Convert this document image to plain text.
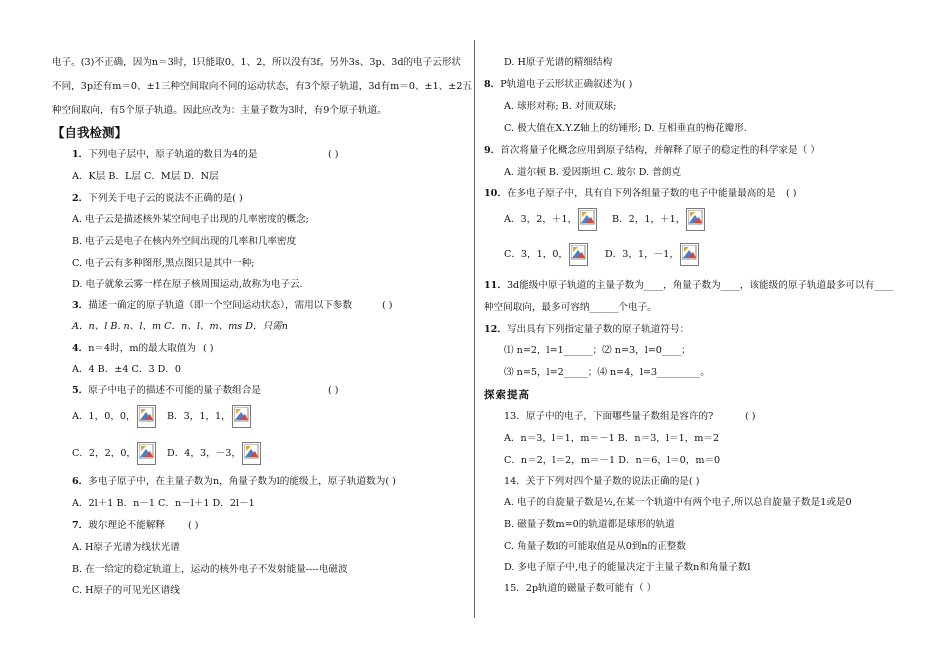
电子。(3)不正确，因为n＝3时，l只能取0、1、2，所以没有3f。另外3s、3p、3d的电子云形状
不同，3p还有m＝0、±1三种空间取向不同的运动状态，有3个原子轨道，3d有m＝0、±1、±2五
种空间取向，有5个原子轨道。因此应改为：主量子数为3时，有9个原子轨道。
【自我检测】
1．下列电子层中，原子轨道的数目为4的是	( )
A．K层 B．L层 C．M层 D．N层
2．下列关于电子云的说法不正确的是( )
A. 电子云是描述核外某空间电子出现的几率密度的概念;
B. 电子云是电子在核内外空间出现的几率和几率密度
C. 电子云有多种图形,黑点图只是其中一种;
D. 电子就象云雾一样在原子核周围运动,故称为电子云.
3．描述一确定的原子轨道（即一个空间运动状态），需用以下参数	( )
A．n、l B. n、l、m C．n、l、m、ms D．只需n
4．n＝4时，m的最大取值为 ( )
A．4 B．±4 C．3 D．0
5．原子中电子的描述不可能的量子数组合是	( )
A．1，0，0，	B．3，1，1，
C．2，2，0，	D．4，3，－3，
6．多电子原子中，在主量子数为n，角量子数为l的能级上，原子轨道数为( )
A．2l＋1 B．n－1 C．n－l＋1 D．2l－1
7．玻尔理论不能解释 ( )
A. H原子光谱为线状光谱
B. 在一给定的稳定轨道上，运动的核外电子不发射能量----电磁波
C. H原子的可见光区谱线
D. H原子光谱的精细结构
8．P轨道电子云形状正确叙述为( )
A. 球形对称; B. 对顶双球;
C. 极大值在X.Y.Z轴上的纺锤形; D. 互相垂直的梅花瓣形.
9．首次将量子化概念应用到原子结构，并解释了原子的稳定性的科学家是（ ）
A. 道尔顿 B. 爱因斯坦 C. 玻尔 D. 普朗克
10．在多电子原子中，具有自下列各组量子数的电子中能量最高的是 ( )
A．3，2，＋1，	B．2，1，＋1，
C．3，1，0，	D．3，1，－1，
11．3d能级中原子轨道的主量子数为____，角量子数为____，该能级的原子轨道最多可以有____
种空间取向，最多可容纳______个电子。
12．写出具有下列指定量子数的原子轨道符号：
⑴ n=2，l=1______；⑵ n=3，l=0____；
⑶ n=5，l=2_____；⑷ n=4，l=3_________。
探索提高
13．原子中的电子，下面哪些量子数组是容许的?	( )
A．n＝3，l＝1，m＝－1 B．n＝3，l＝1，m＝2
C．n＝2，l＝2，m＝－1 D．n＝6，l＝0，m＝0
14．关于下列对四个量子数的说法正确的是( )
A. 电子的自旋量子数是½,在某一个轨道中有两个电子,所以总自旋量子数是1或是0
B. 磁量子数m=0的轨道都是球形的轨道
C. 角量子数l的可能取值是从0到n的正整数
D. 多电子原子中,电子的能量决定于主量子数n和角量子数l
15．2p轨道的磁量子数可能有（ ）
